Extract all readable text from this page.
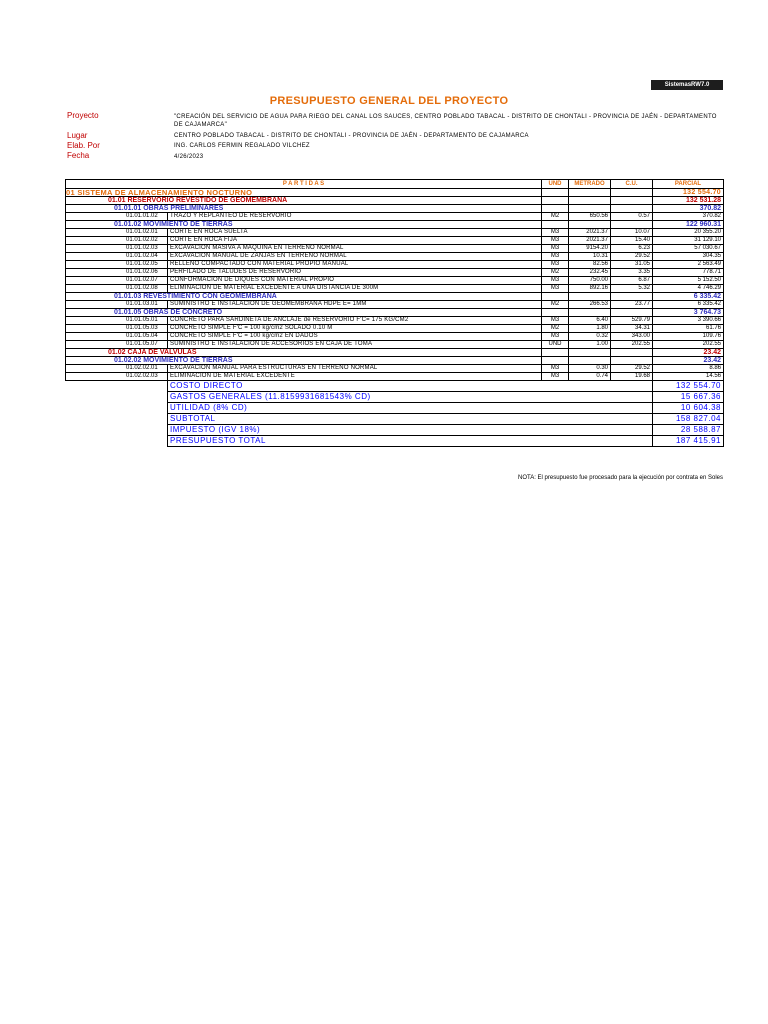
SistemasRW7.0
PRESUPUESTO GENERAL DEL PROYECTO
Proyecto	"CREACIÓN DEL SERVICIO DE AGUA PARA RIEGO DEL CANAL LOS SAUCES, CENTRO POBLADO TABACAL - DISTRITO DE CHONTALI - PROVINCIA DE JAÉN - DEPARTAMENTO DE CAJAMARCA"
Lugar	CENTRO POBLADO TABACAL - DISTRITO DE CHONTALI - PROVINCIA DE JAÉN - DEPARTAMENTO DE CAJAMARCA
Elab. Por	ING. CARLOS FERMIN REGALADO VILCHEZ
Fecha	4/26/2023
P A R T I D A S		UND	METRADO	C.U.	PARCIAL
01 SISTEMA DE ALMACENAMIENTO NOCTURNO					132 554.70
01.01 RESERVORIO REVESTIDO DE GEOMEMBRANA					132 531.28
01.01.01 OBRAS PRELIMINARES					370.82
01.01.01.02	TRAZO Y REPLANTEO DE RESERVORIO	M2	650.56	0.57	370.82
01.01.02 MOVIMIENTO DE TIERRAS					122 960.31
01.01.02.01	CORTE EN ROCA SUELTA	M3	2021.37	10.07	20 355.20
01.01.02.02	CORTE EN ROCA FIJA	M3	2021.37	15.40	31 129.10
01.01.02.03	EXCAVACIÓN MASIVA A MAQUINA EN TERRENO NORMAL	M3	9154.20	6.23	57 030.67
01.01.02.04	EXCAVACIÓN MANUAL DE ZANJAS EN TERRENO NORMAL	M3	10.31	29.52	304.35
01.01.02.05	RELLENO COMPACTADO CON MATERIAL PROPIO MANUAL	M3	82.56	31.05	2 563.49
01.01.02.06	PERFILADO DE TALUDES DE RESERVORIO	M2	232.45	3.35	778.71
01.01.02.07	CONFORMACIÓN DE DIQUES CON MATERIAL PROPIO	M3	750.00	6.87	5 152.50
01.01.02.08	ELIMINACIÓN DE MATERIAL EXCEDENTE A UNA DISTANCIA DE 300M	M3	892.16	5.32	4 746.29
01.01.03 REVESTIMIENTO CON GEOMEMBRANA					6 335.42
01.01.03.01	SUMINISTRO E INSTALACIÓN DE GEOMEMBRANA HDPE E= 1MM	M2	266.53	23.77	6 335.42
01.01.05 OBRAS DE CONCRETO					3 764.73
01.01.05.01	CONCRETO PARA SARDINETA DE ANCLAJE de RESERVORIO F'C= 175 KG/CM2	M3	6.40	529.79	3 390.66
01.01.05.03	CONCRETO SIMPLE F'C = 100 kg/cm2 SOLADO 0.10 M	M2	1.80	34.31	61.76
01.01.05.04	CONCRETO SIMPLE F'C = 100 kg/cm2 EN DADOS	M3	0.32	343.00	109.76
01.01.05.07	SUMINISTRO E INSTALACIÓN DE ACCESORIOS EN CAJA DE TOMA	UND	1.00	202.55	202.55
01.02 CAJA DE VALVULAS					23.42
01.02.02 MOVIMIENTO DE TIERRAS					23.42
01.02.02.01	EXCAVACIÓN MANUAL PARA ESTRUCTURAS EN TERRENO NORMAL	M3	0.30	29.52	8.86
01.02.02.03	ELIMINACIÓN DE MATERIAL EXCEDENTE	M3	0.74	19.68	14.56
	COSTO DIRECTO				132 554.70
	GASTOS GENERALES (11.8159931681543% CD)				15 667.36
	UTILIDAD (8% CD)				10 604.38
	SUBTOTAL				158 827.04
	IMPUESTO (IGV 18%)				28 588.87
	PRESUPUESTO TOTAL				187 415.91
NOTA: El presupuesto fue procesado para la ejecución por contrata en Soles
